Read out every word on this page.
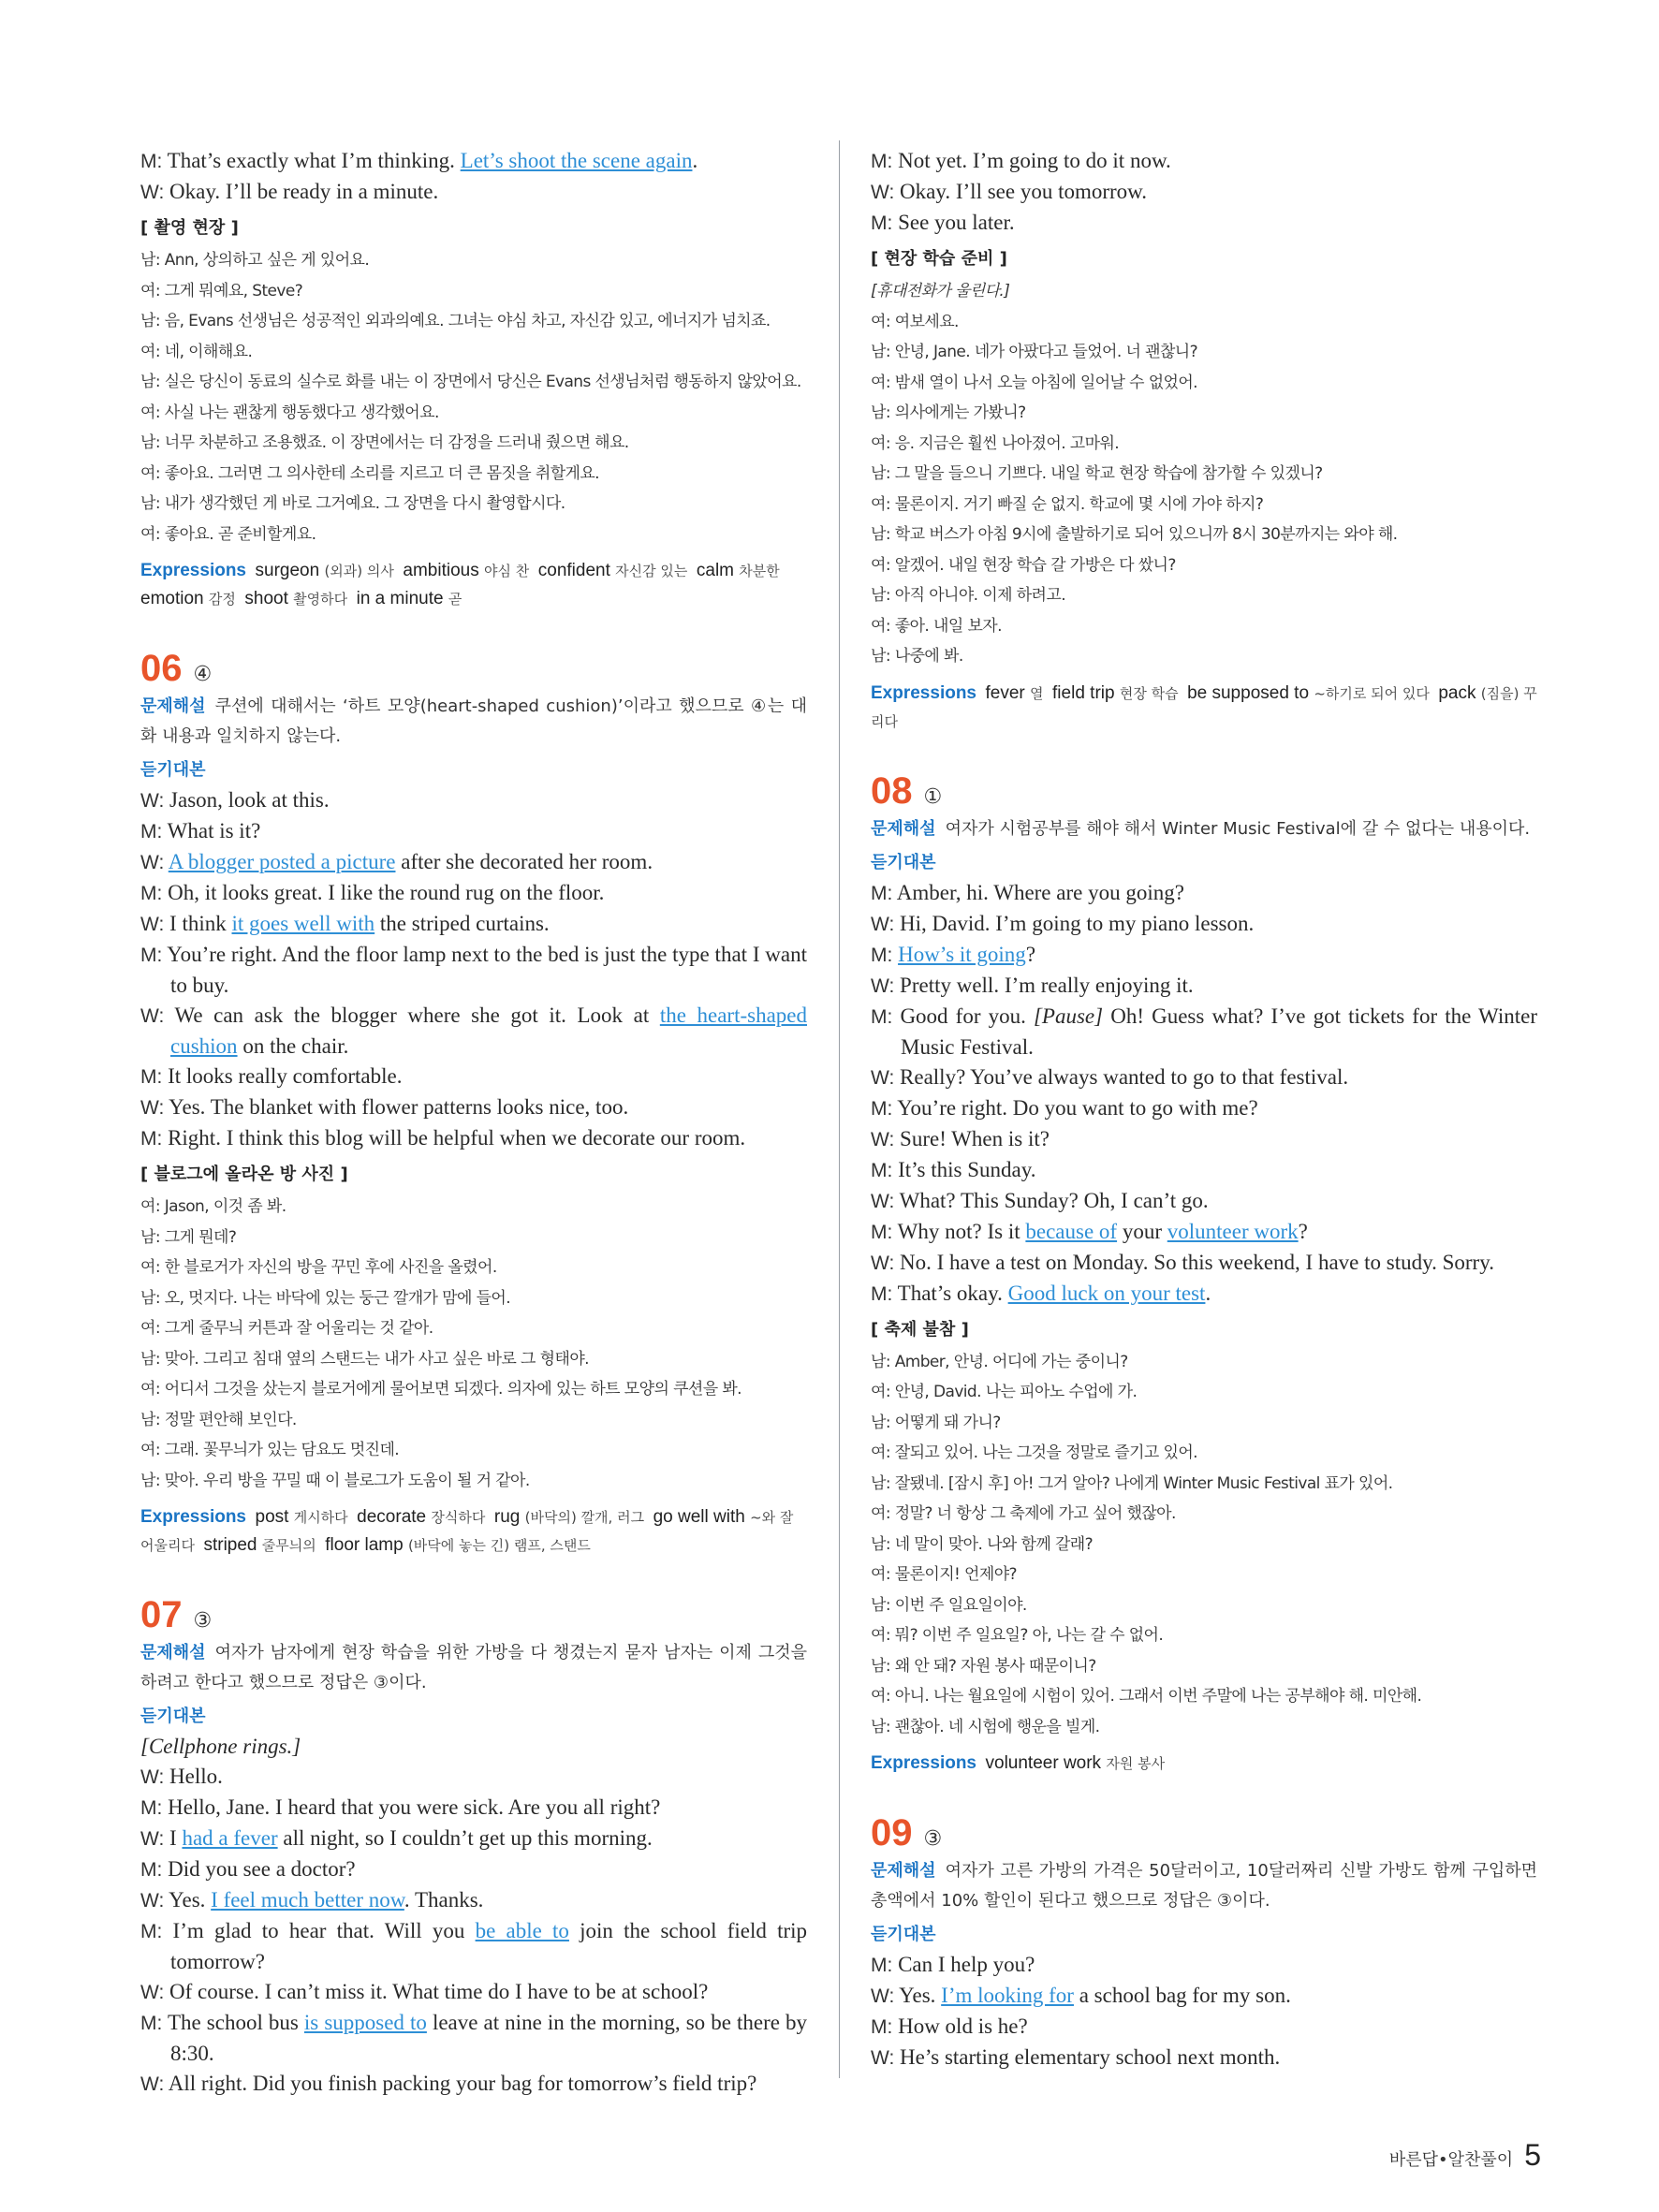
M: That’s exactly what I’m thinking. Let’s shoot the scene again.

W: Okay. I’ll be ready in a minute.

[ 촬영 현장 ]

남: Ann, 상의하고 싶은 게 있어요.

여: 그게 뭐예요, Steve?

남: 음, Evans 선생님은 성공적인 외과의예요. 그녀는 야심 차고, 자신감 있고, 에너지가 넘치죠.

여: 네, 이해해요.

남: 실은 당신이 동료의 실수로 화를 내는 이 장면에서 당신은 Evans 선생님처럼 행동하지 않았어요.

여: 사실 나는 괜찮게 행동했다고 생각했어요.

남: 너무 차분하고 조용했죠. 이 장면에서는 더 감정을 드러내 줬으면 해요.

여: 좋아요. 그러면 그 의사한테 소리를 지르고 더 큰 몸짓을 취할게요.

남: 내가 생각했던 게 바로 그거예요. 그 장면을 다시 촬영합시다.

여: 좋아요. 곧 준비할게요.

Expressions  surgeon (외과) 의사  ambitious 야심 찬  confident 자신감 있는  calm 차분한 emotion 감정  shoot 촬영하다  in a minute 곧
06 ④

문제해설 쿠션에 대해서는 ‘하트 모양(heart-shaped cushion)’이라고 했으므로 ④는 대화 내용과 일치하지 않는다.

듣기대본

W: Jason, look at this.

M: What is it?

W: A blogger posted a picture after she decorated her room.

M: Oh, it looks great. I like the round rug on the floor.

W: I think it goes well with the striped curtains.

M: You’re right. And the floor lamp next to the bed is just the type that I want to buy.

W: We can ask the blogger where she got it. Look at the heart-shaped cushion on the chair.

M: It looks really comfortable.

W: Yes. The blanket with flower patterns looks nice, too.

M: Right. I think this blog will be helpful when we decorate our room.

[ 블로그에 올라온 방 사진 ]

여: Jason, 이것 좀 봐.

남: 그게 뭔데?

여: 한 블로거가 자신의 방을 꾸민 후에 사진을 올렸어.

남: 오, 멋지다. 나는 바닥에 있는 둥근 깔개가 맘에 들어.

여: 그게 줄무늬 커튼과 잘 어울리는 것 같아.

남: 맞아. 그리고 침대 옆의 스탠드는 내가 사고 싶은 바로 그 형태야.

여: 어디서 그것을 샀는지 블로거에게 물어보면 되겠다. 의자에 있는 하트 모양의 쿠션을 봐.

남: 정말 편안해 보인다.

여: 그래. 꽃무늬가 있는 담요도 멋진데.

남: 맞아. 우리 방을 꾸밀 때 이 블로그가 도움이 될 거 같아.

Expressions  post 게시하다  decorate 장식하다  rug (바닥의) 깔개, 러그  go well with ~와 잘 어울리다  striped 줄무늬의  floor lamp (바닥에 놓는 긴) 램프, 스탠드
07 ③

문제해설 여자가 남자에게 현장 학습을 위한 가방을 다 챙겼는지 묻자 남자는 이제 그것을 하려고 한다고 했으므로 정답은 ③이다.

듣기대본

[Cellphone rings.]

W: Hello.

M: Hello, Jane. I heard that you were sick. Are you all right?

W: I had a fever all night, so I couldn’t get up this morning.

M: Did you see a doctor?

W: Yes. I feel much better now. Thanks.

M: I’m glad to hear that. Will you be able to join the school field trip tomorrow?

W: Of course. I can’t miss it. What time do I have to be at school?

M: The school bus is supposed to leave at nine in the morning, so be there by 8:30.

W: All right. Did you finish packing your bag for tomorrow’s field trip?

M: Not yet. I’m going to do it now.

W: Okay. I’ll see you tomorrow.

M: See you later.

[ 현장 학습 준비 ]

[휴대전화가 울린다.]

여: 여보세요.

남: 안녕, Jane. 네가 아팠다고 들었어. 너 괜찮니?

여: 밤새 열이 나서 오늘 아침에 일어날 수 없었어.

남: 의사에게는 가봤니?

여: 응. 지금은 훨씬 나아졌어. 고마워.

남: 그 말을 들으니 기쁘다. 내일 학교 현장 학습에 참가할 수 있겠니?

여: 물론이지. 거기 빠질 순 없지. 학교에 몇 시에 가야 하지?

남: 학교 버스가 아침 9시에 출발하기로 되어 있으니까 8시 30분까지는 와야 해.

여: 알겠어. 내일 현장 학습 갈 가방은 다 쌌니?

남: 아직 아니야. 이제 하려고.

여: 좋아. 내일 보자.

남: 나중에 봐.

Expressions  fever 열  field trip 현장 학습  be supposed to ~하기로 되어 있다  pack (짐을) 꾸리다
08 ①

문제해설 여자가 시험공부를 해야 해서 Winter Music Festival에 갈 수 없다는 내용이다.

듣기대본

M: Amber, hi. Where are you going?

W: Hi, David. I’m going to my piano lesson.

M: How’s it going?

W: Pretty well. I’m really enjoying it.

M: Good for you. [Pause] Oh! Guess what? I’ve got tickets for the Winter Music Festival.

W: Really? You’ve always wanted to go to that festival.

M: You’re right. Do you want to go with me?

W: Sure! When is it?

M: It’s this Sunday.

W: What? This Sunday? Oh, I can’t go.

M: Why not? Is it because of your volunteer work?

W: No. I have a test on Monday. So this weekend, I have to study. Sorry.

M: That’s okay. Good luck on your test.

[ 축제 불참 ]

남: Amber, 안녕. 어디에 가는 중이니?

여: 안녕, David. 나는 피아노 수업에 가.

남: 어떻게 돼 가니?

여: 잘되고 있어. 나는 그것을 정말로 즐기고 있어.

남: 잘됐네. [잠시 후] 아! 그거 알아? 나에게 Winter Music Festival 표가 있어.

여: 정말? 너 항상 그 축제에 가고 싶어 했잖아.

남: 네 말이 맞아. 나와 함께 갈래?

여: 물론이지! 언제야?

남: 이번 주 일요일이야.

여: 뭐? 이번 주 일요일? 아, 나는 갈 수 없어.

남: 왜 안 돼? 자원 봉사 때문이니?

여: 아니. 나는 월요일에 시험이 있어. 그래서 이번 주말에 나는 공부해야 해. 미안해.

남: 괜찮아. 네 시험에 행운을 빌게.

Expressions  volunteer work 자원 봉사
09 ③

문제해설 여자가 고른 가방의 가격은 50달러이고, 10달러짜리 신발 가방도 함께 구입하면 총액에서 10% 할인이 된다고 했으므로 정답은 ③이다.

듣기대본

M: Can I help you?

W: Yes. I’m looking for a school bag for my son.

M: How old is he?

W: He’s starting elementary school next month.

바른답•알찬풀이 5
